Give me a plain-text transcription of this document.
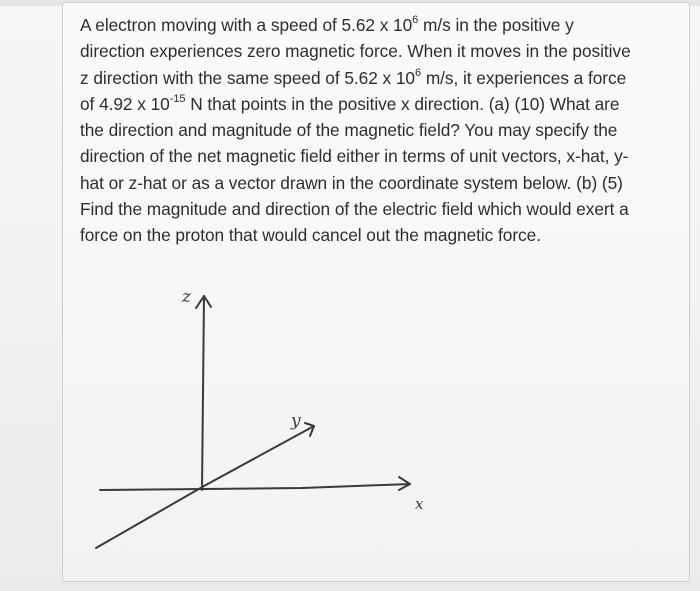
A electron moving with a speed of 5.62 x $10^6$ m/s in the positive y
direction experiences zero magnetic force. When it moves in the positive
z direction with the same speed of 5.62 x $10^6$ m/s, it experiences a force
of 4.92 x $10^{-15}$ N that points in the positive x direction. (a) (10) What are
the direction and magnitude of the magnetic field? You may specify the
direction of the net magnetic field either in terms of unit vectors, x-hat, y-
hat or z-hat or as a vector drawn in the coordinate system below. (b) (5)
Find the magnitude and direction of the electric field which would exert a
force on the proton that would cancel out the magnetic force.
z
y
x
